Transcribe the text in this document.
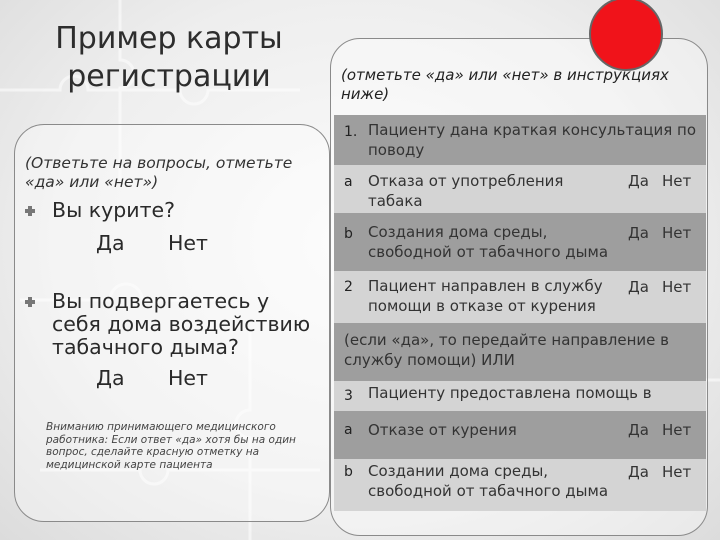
Пример карты регистрации
(Ответьте на вопросы, отметьте «да» или «нет»)
Вы курите?
Да Нет
Вы подвергаетесь у себя дома воздействию табачного дыма?
Да Нет
Вниманию принимающего медицинского работника: Если ответ «да» хотя бы на один вопрос, сделайте красную отметку на медицинской карте пациента
(отметьте «да» или «нет» в инструкциях ниже)
1. Пациенту дана краткая консультация по поводу
a Отказа от употребления табака
Да Нет
b Создания дома среды, свободной от табачного дыма
Да Нет
2 Пациент направлен в службу помощи в отказе от курения
Да Нет
(если «да», то передайте направление в службу помощи) ИЛИ
3 Пациенту предоставлена помощь в
a Отказе от курения	Да Нет
b Создании дома среды, свободной от табачного дыма
Да Нет
